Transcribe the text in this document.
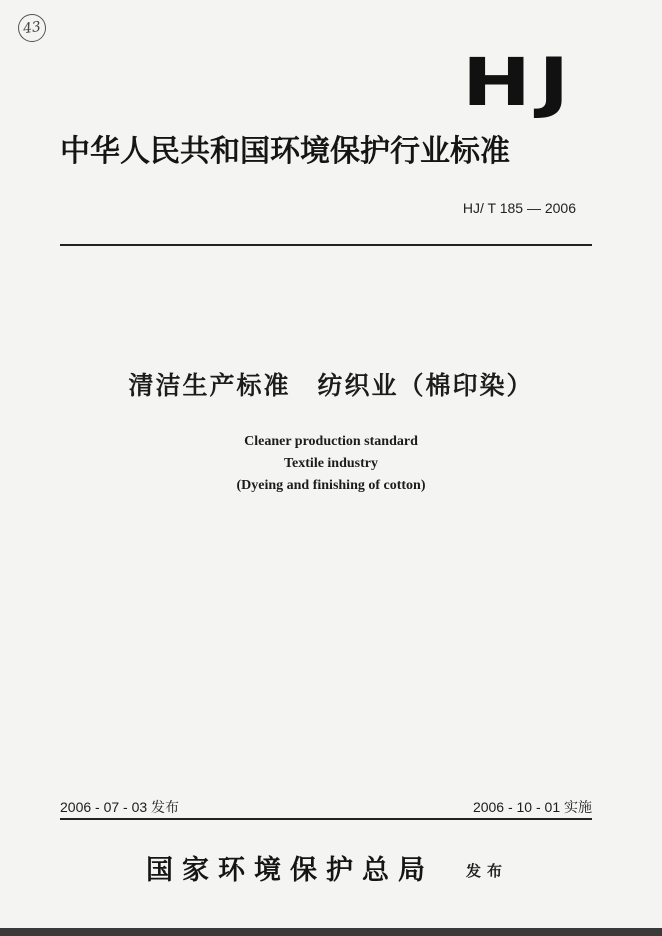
43
HJ
中华人民共和国环境保护行业标准
HJ/ T 185 — 2006
清洁生产标准　纺织业（棉印染）
Cleaner production standard
Textile industry
(Dyeing and finishing of cotton)
2006 - 07 - 03 发布	2006 - 10 - 01 实施
国家环境保护总局 发布
